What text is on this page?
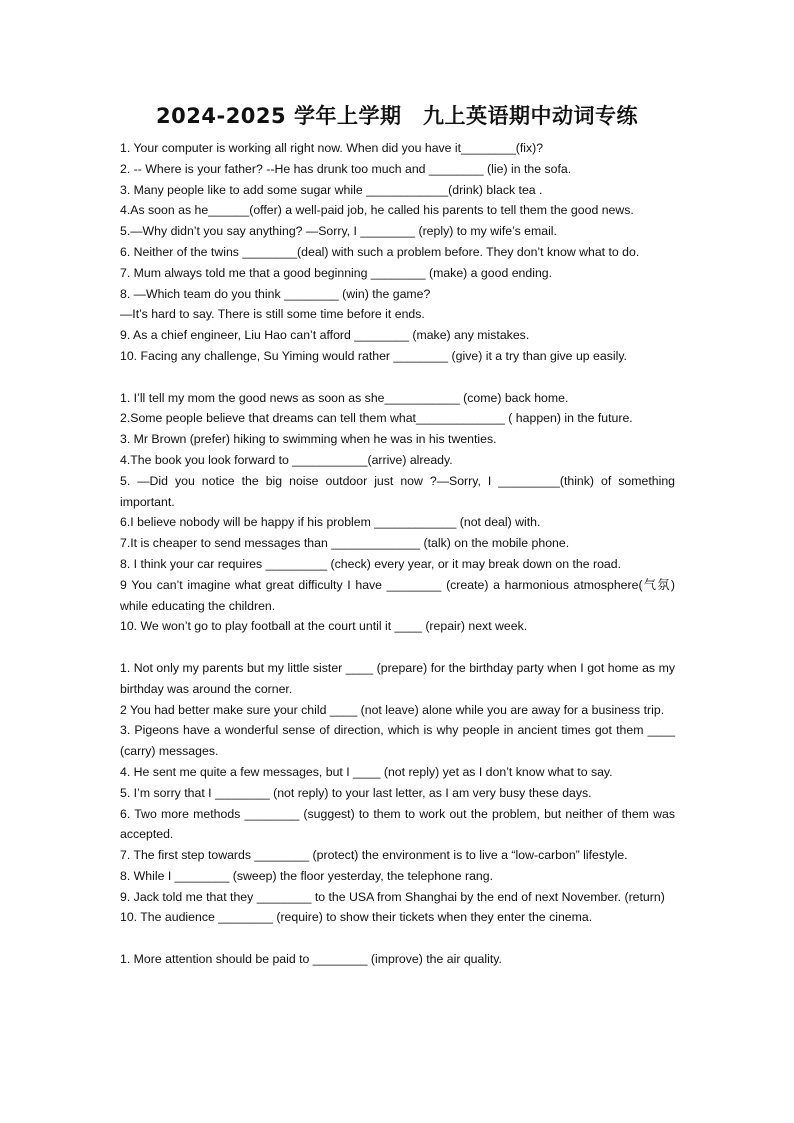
2024-2025 学年上学期　九上英语期中动词专练
1. Your computer is working all right now. When did you have it________(fix)?
2. -- Where is your father? --He has drunk too much and ________ (lie) in the sofa.
3. Many people like to add some sugar while ____________(drink) black tea .
4.As soon as he______(offer) a well-paid job, he called his parents to tell them the good news.
5.—Why didn’t you say anything? —Sorry, I ________ (reply) to my wife’s email.
6. Neither of the twins ________(deal) with such a problem before. They don’t know what to do.
7. Mum always told me that a good beginning ________ (make) a good ending.
8. —Which team do you think ________ (win) the game?
—It’s hard to say. There is still some time before it ends.
9. As a chief engineer, Liu Hao can’t afford ________ (make) any mistakes.
10. Facing any challenge, Su Yiming would rather ________ (give) it a try than give up easily.
1. I’ll tell my mom the good news as soon as she___________ (come) back home.
2.Some people believe that dreams can tell them what_____________ ( happen) in the future.
3. Mr Brown (prefer) hiking to swimming when he was in his twenties.
4.The book you look forward to ___________(arrive) already.
5. —Did you notice the big noise outdoor just now ?—Sorry, I _________(think) of something important.
6.I believe nobody will be happy if his problem ____________ (not deal) with.
7.It is cheaper to send messages than _____________ (talk) on the mobile phone.
8. I think your car requires _________ (check) every year, or it may break down on the road.
9 You can’t imagine what great difficulty I have ________ (create) a harmonious atmosphere(气氛) while educating the children.
10. We won’t go to play football at the court until it ____ (repair) next week.
1. Not only my parents but my little sister ____ (prepare) for the birthday party when I got home as my birthday was around the corner.
2 You had better make sure your child ____ (not leave) alone while you are away for a business trip.
3. Pigeons have a wonderful sense of direction, which is why people in ancient times got them ____ (carry) messages.
4. He sent me quite a few messages, but I ____ (not reply) yet as I don’t know what to say.
5. I’m sorry that I ________ (not reply) to your last letter, as I am very busy these days.
6. Two more methods ________ (suggest) to them to work out the problem, but neither of them was accepted.
7. The first step towards ________ (protect) the environment is to live a “low-carbon” lifestyle.
8. While I ________ (sweep) the floor yesterday, the telephone rang.
9. Jack told me that they ________ to the USA from Shanghai by the end of next November. (return)
10. The audience ________ (require) to show their tickets when they enter the cinema.
1. More attention should be paid to ________ (improve) the air quality.
